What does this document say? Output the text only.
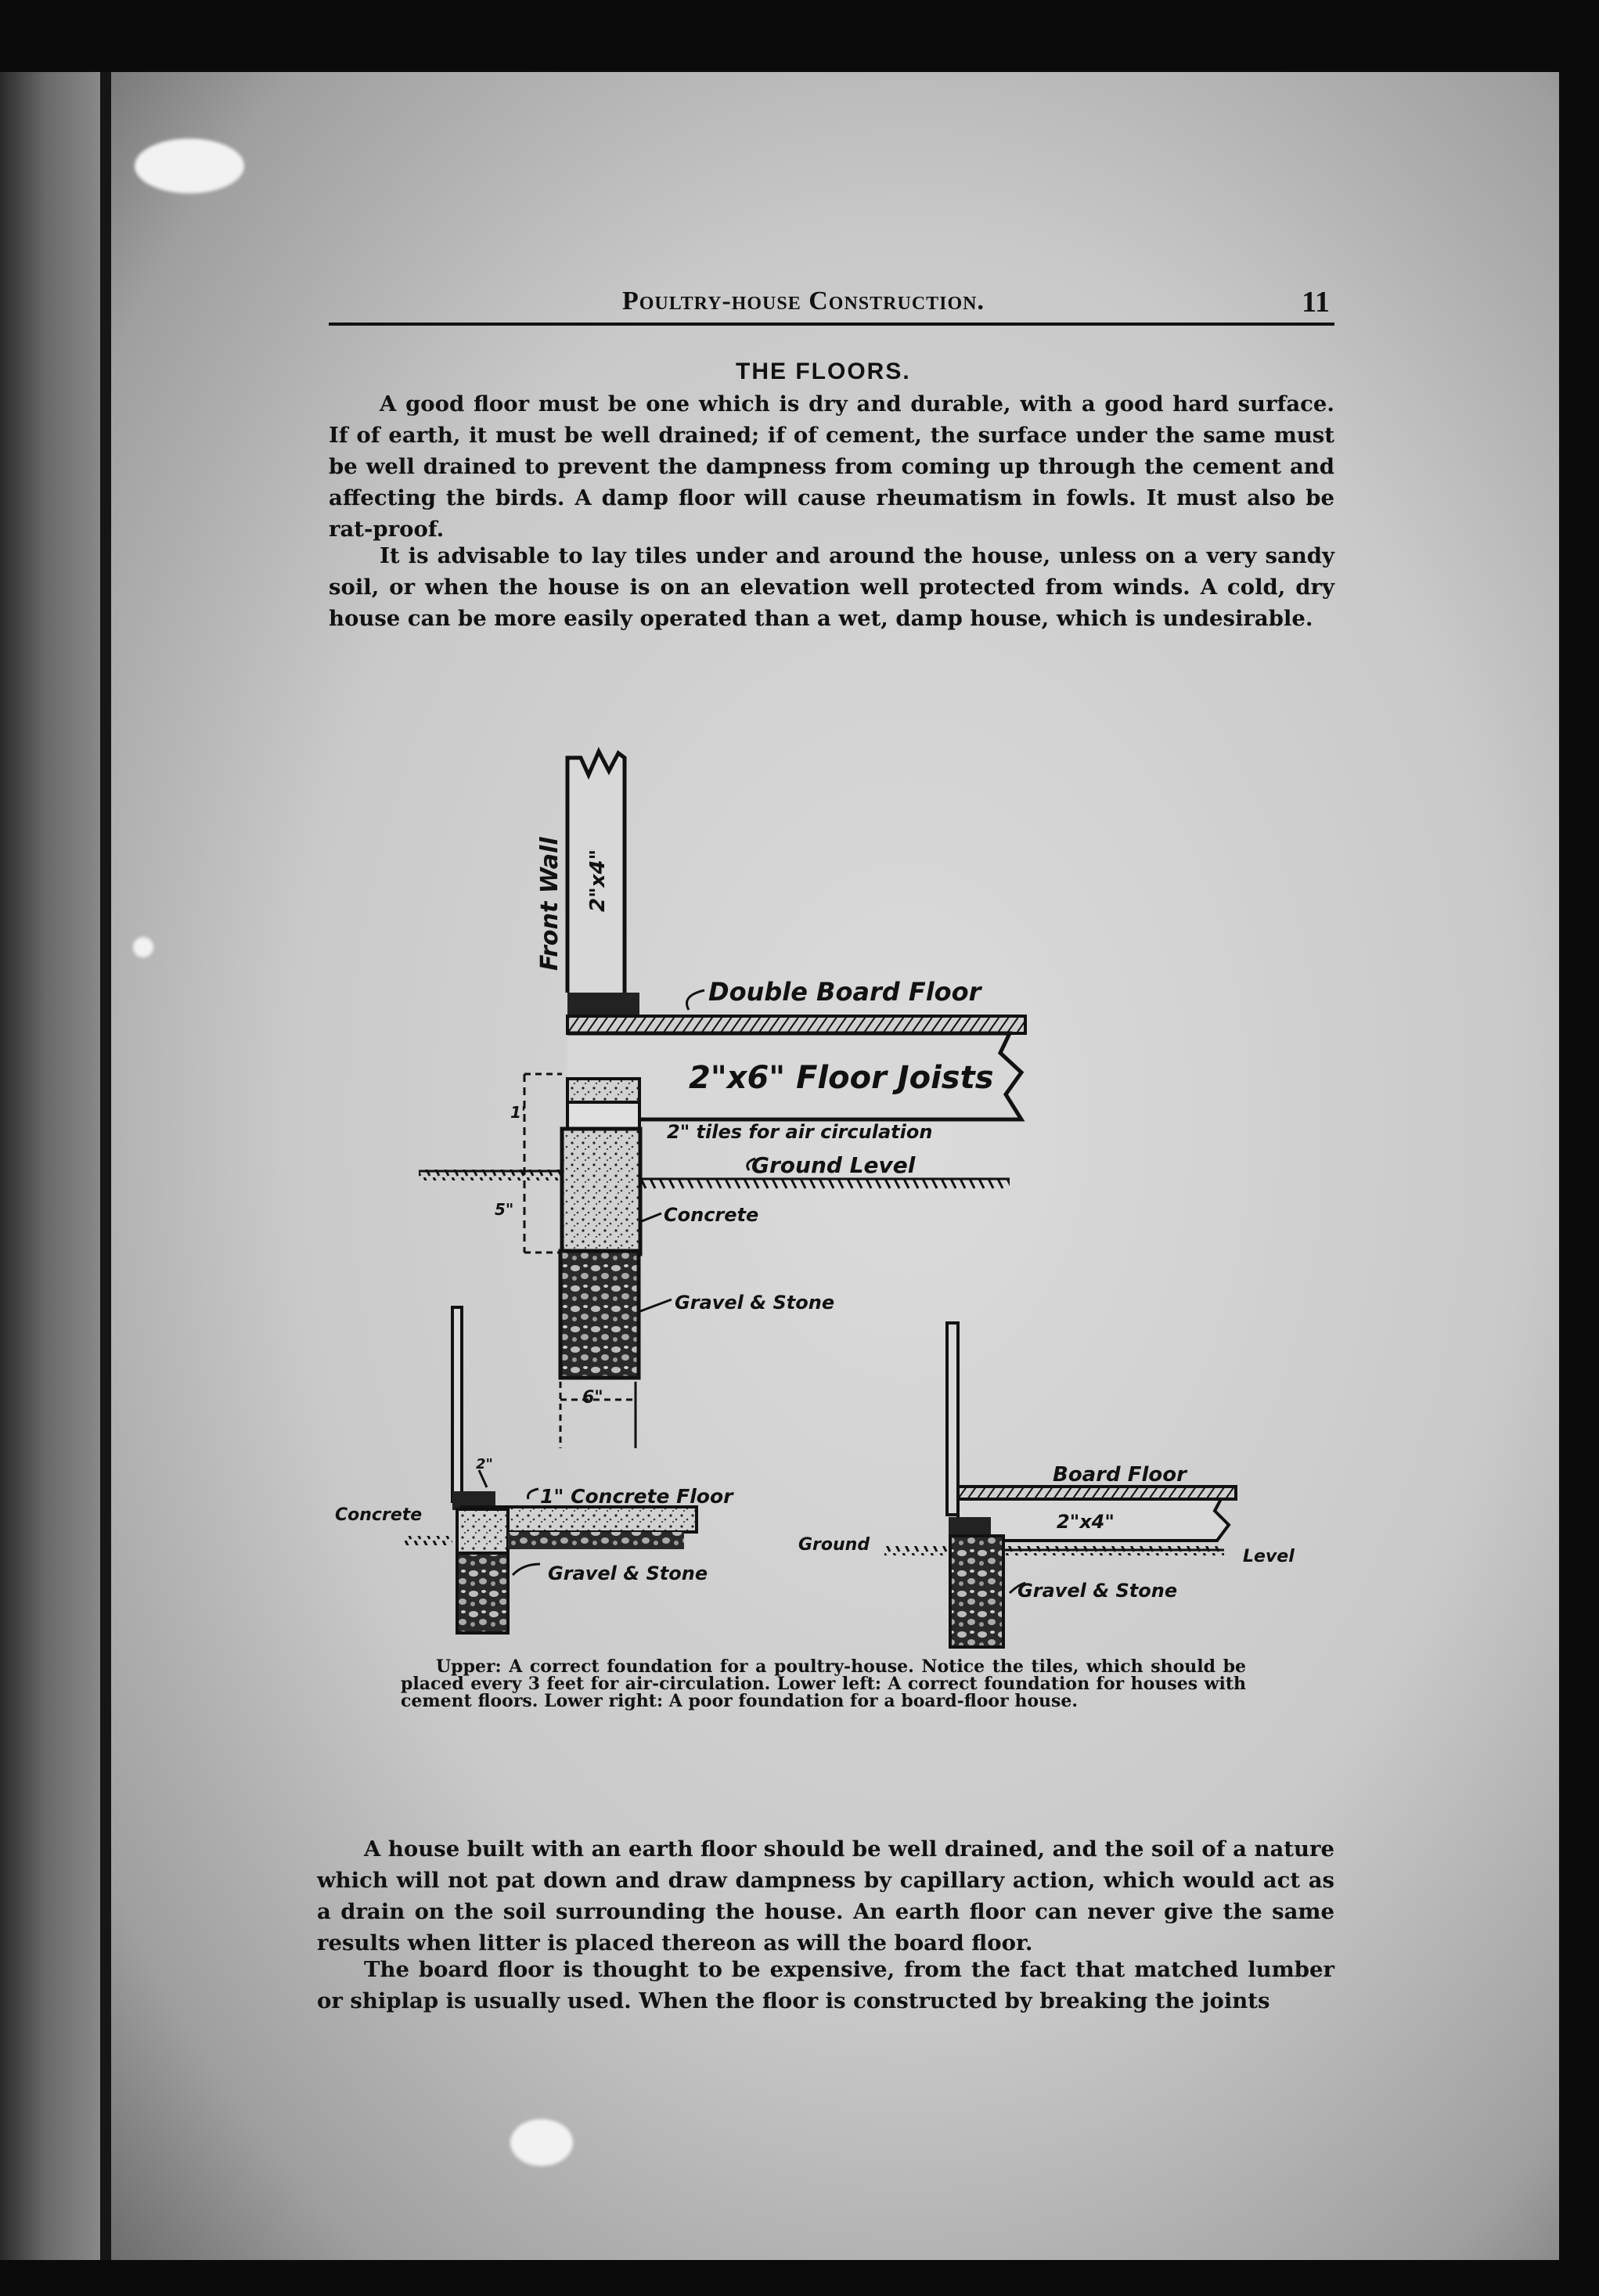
Poultry-house Construction.	11
THE FLOORS.

A good floor must be one which is dry and durable, with a good hard surface. If of earth, it must be well drained; if of cement, the surface under the same must be well drained to prevent the dampness from coming up through the cement and affecting the birds. A damp floor will cause rheumatism in fowls. It must also be rat-proof.

It is advisable to lay tiles under and around the house, unless on a very sandy soil, or when the house is on an elevation well protected from winds. A cold, dry house can be more easily operated than a wet, damp house, which is undesirable.

Front Wall 2"x4"
Double Board Floor
2"x6" Floor Joists
2" tiles for air circulation
Ground Level
Concrete
Gravel & Stone
1'
5"
6"
2"
1" Concrete Floor
Concrete
Gravel & Stone
Board Floor
2"x4"
Ground
Level
Gravel & Stone

Upper: A correct foundation for a poultry-house. Notice the tiles, which should be placed every 3 feet for air-circulation. Lower left: A correct foundation for houses with cement floors. Lower right: A poor foundation for a board-floor house.

A house built with an earth floor should be well drained, and the soil of a nature which will not pat down and draw dampness by capillary action, which would act as a drain on the soil surrounding the house. An earth floor can never give the same results when litter is placed thereon as will the board floor.

The board floor is thought to be expensive, from the fact that matched lumber or shiplap is usually used. When the floor is constructed by breaking the joints
